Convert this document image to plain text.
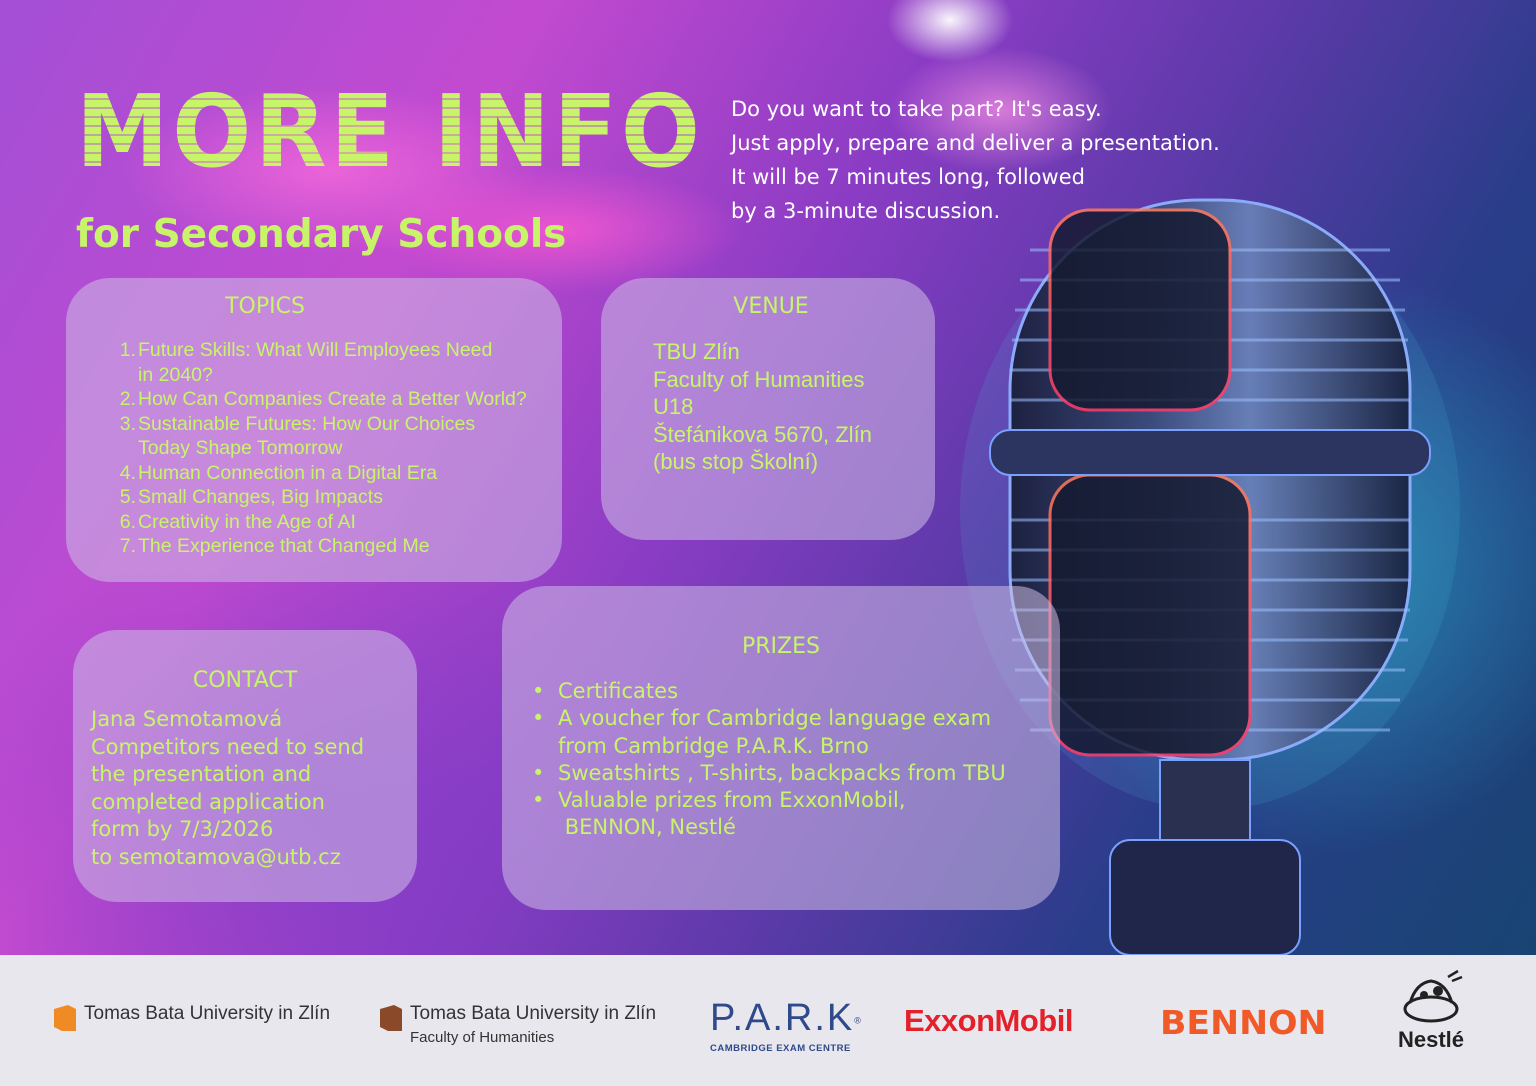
MORE INFO
for Secondary Schools
Do you want to take part? It's easy.
Just apply, prepare and deliver a presentation.
It will be 7 minutes long, followed
by a 3-minute discussion.
TOPICS
1. Future Skills: What Will Employees Need
in 2040?
2. How Can Companies Create a Better World?
3. Sustainable Futures: How Our Choices
Today Shape Tomorrow
4. Human Connection in a Digital Era
5. Small Changes, Big Impacts
6. Creativity in the Age of AI
7. The Experience that Changed Me
VENUE
TBU Zlín
Faculty of Humanities
U18
Štefánikova 5670, Zlín
(bus stop Školní)
CONTACT
Jana Semotamová
Competitors need to send
the presentation and
completed application
form by 7/3/2026
to semotamova@utb.cz
PRIZES
• Certificates
• A voucher for Cambridge language exam
from Cambridge P.A.R.K. Brno
• Sweatshirts , T-shirts, backpacks from TBU
• Valuable prizes from ExxonMobil,
BENNON, Nestlé
Tomas Bata University in Zlín	Tomas Bata University in Zlín
Faculty of Humanities	P.A.R.K®
CAMBRIDGE EXAM CENTRE
ExxonMobil	BENNON	Nestlé
